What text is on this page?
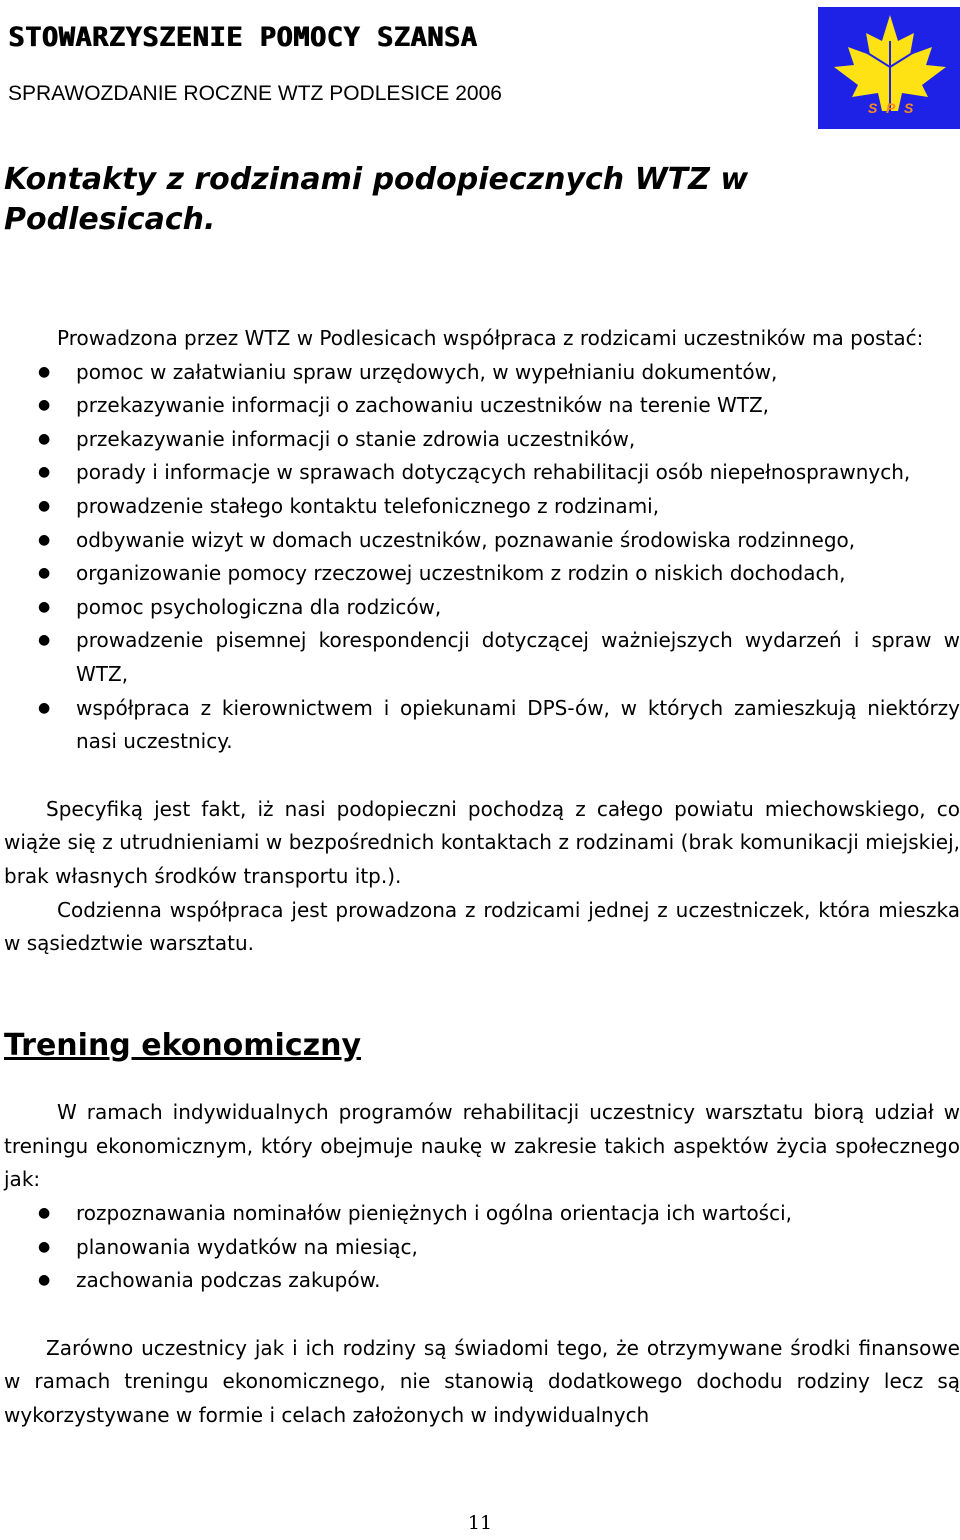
STOWARZYSZENIE POMOCY SZANSA
SPRAWOZDANIE ROCZNE WTZ PODLESICE 2006
S P S
Kontakty z rodzinami podopiecznych WTZ w Podlesicach.

Prowadzona przez WTZ w Podlesicach współpraca z rodzicami uczestników ma postać:

● pomoc w załatwianiu spraw urzędowych, w wypełnianiu dokumentów,
● przekazywanie informacji o zachowaniu uczestników na terenie WTZ,
● przekazywanie informacji o stanie zdrowia uczestników,
● porady i informacje w sprawach dotyczących rehabilitacji osób niepełnosprawnych,
● prowadzenie stałego kontaktu telefonicznego z rodzinami,
● odbywanie wizyt w domach uczestników, poznawanie środowiska rodzinnego,
● organizowanie pomocy rzeczowej uczestnikom z rodzin o niskich dochodach,
● pomoc psychologiczna dla rodziców,
● prowadzenie pisemnej korespondencji dotyczącej ważniejszych wydarzeń i spraw w WTZ,
● współpraca z kierownictwem i opiekunami DPS-ów, w których zamieszkują niektórzy nasi uczestnicy.

Specyfiką jest fakt, iż nasi podopieczni pochodzą z całego powiatu miechowskiego, co wiąże się z utrudnieniami w bezpośrednich kontaktach z rodzinami (brak komunikacji miejskiej, brak własnych środków transportu itp.).

Codzienna współpraca jest prowadzona z rodzicami jednej z uczestniczek, która mieszka w sąsiedztwie warsztatu.

Trening ekonomiczny

W ramach indywidualnych programów rehabilitacji uczestnicy warsztatu biorą udział w treningu ekonomicznym, który obejmuje naukę w zakresie takich aspektów życia społecznego jak:

● rozpoznawania nominałów pieniężnych i ogólna orientacja ich wartości,
● planowania wydatków na miesiąc,
● zachowania podczas zakupów.

Zarówno uczestnicy jak i ich rodziny są świadomi tego, że otrzymywane środki finansowe w ramach treningu ekonomicznego, nie stanowią dodatkowego dochodu rodziny lecz są wykorzystywane w formie i celach założonych w indywidualnych

11
